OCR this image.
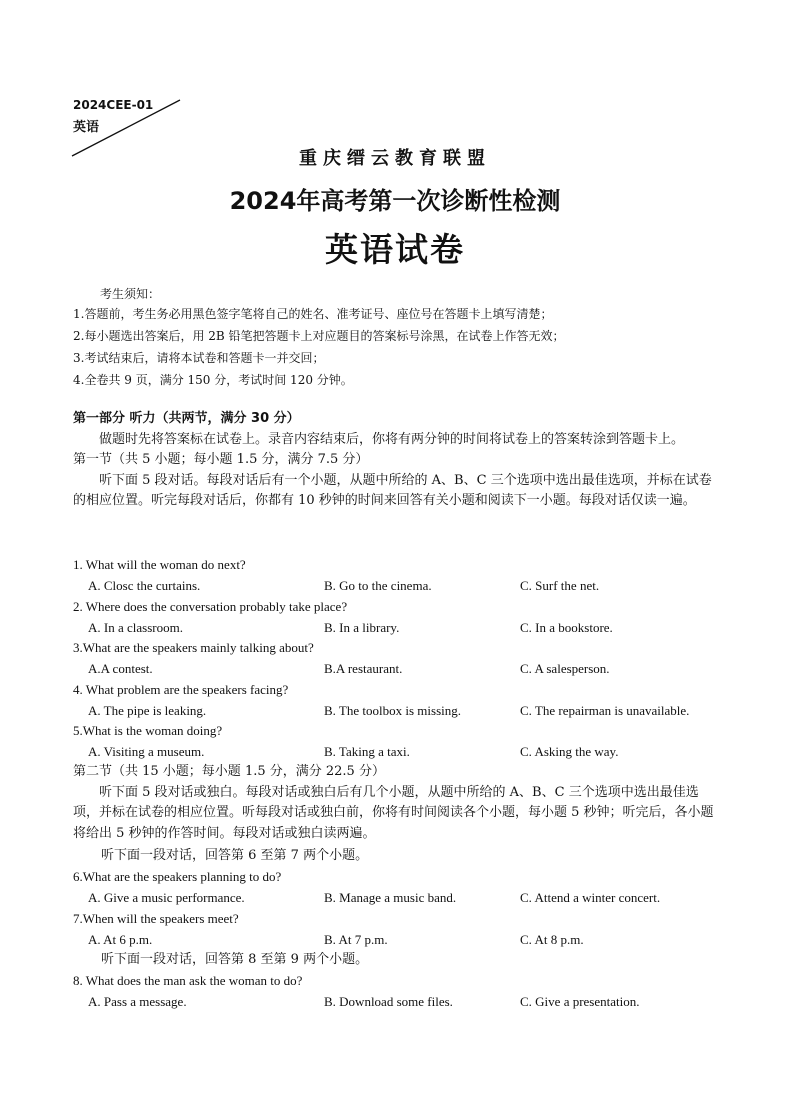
2024CEE-01
英语
重庆缙云教育联盟
2024年高考第一次诊断性检测
英语试卷
考生须知：
1.答题前，考生务必用黑色签字笔将自己的姓名、准考证号、座位号在答题卡上填写清楚；
2.每小题选出答案后，用 2B 铅笔把答题卡上对应题目的答案标号涂黑，在试卷上作答无效；
3.考试结束后，请将本试卷和答题卡一并交回；
4.全卷共 9 页，满分 150 分，考试时间 120 分钟。
第一部分 听力（共两节，满分 30 分）
做题时先将答案标在试卷上。录音内容结束后，你将有两分钟的时间将试卷上的答案转涂到答题卡上。
第一节（共 5 小题；每小题 1.5 分，满分 7.5 分）
听下面 5 段对话。每段对话后有一个小题，从题中所给的 A、B、C 三个选项中选出最佳选项，并标在试卷的相应位置。听完每段对话后，你都有 10 秒钟的时间来回答有关小题和阅读下一小题。每段对话仅读一遍。
1. What will the woman do next?
A. Closc the curtains.	B. Go to the cinema.	C. Surf the net.
2. Where does the conversation probably take place?
A. In a classroom.	B. In a library.	C. In a bookstore.
3.What are the speakers mainly talking about?
A.A contest.	B.A restaurant.	C. A salesperson.
4. What problem are the speakers facing?
A. The pipe is leaking.	B. The toolbox is missing.	C. The repairman is unavailable.
5.What is the woman doing?
A. Visiting a museum.	B. Taking a taxi.	C. Asking the way.
第二节（共 15 小题；每小题 1.5 分，满分 22.5 分）
听下面 5 段对话或独白。每段对话或独白后有几个小题，从题中所给的 A、B、C 三个选项中选出最佳选项，并标在试卷的相应位置。听每段对话或独白前，你将有时间阅读各个小题，每小题 5 秒钟；听完后，各小题将给出 5 秒钟的作答时间。每段对话或独白读两遍。
听下面一段对话，回答第 6 至第 7 两个小题。
6.What are the speakers planning to do?
A. Give a music performance.	B. Manage a music band.	C. Attend a winter concert.
7.When will the speakers meet?
A. At 6 p.m.	B. At 7 p.m.	C. At 8 p.m.
听下面一段对话，回答第 8 至第 9 两个小题。
8. What does the man ask the woman to do?
A. Pass a message.	B. Download some files.	C. Give a presentation.
